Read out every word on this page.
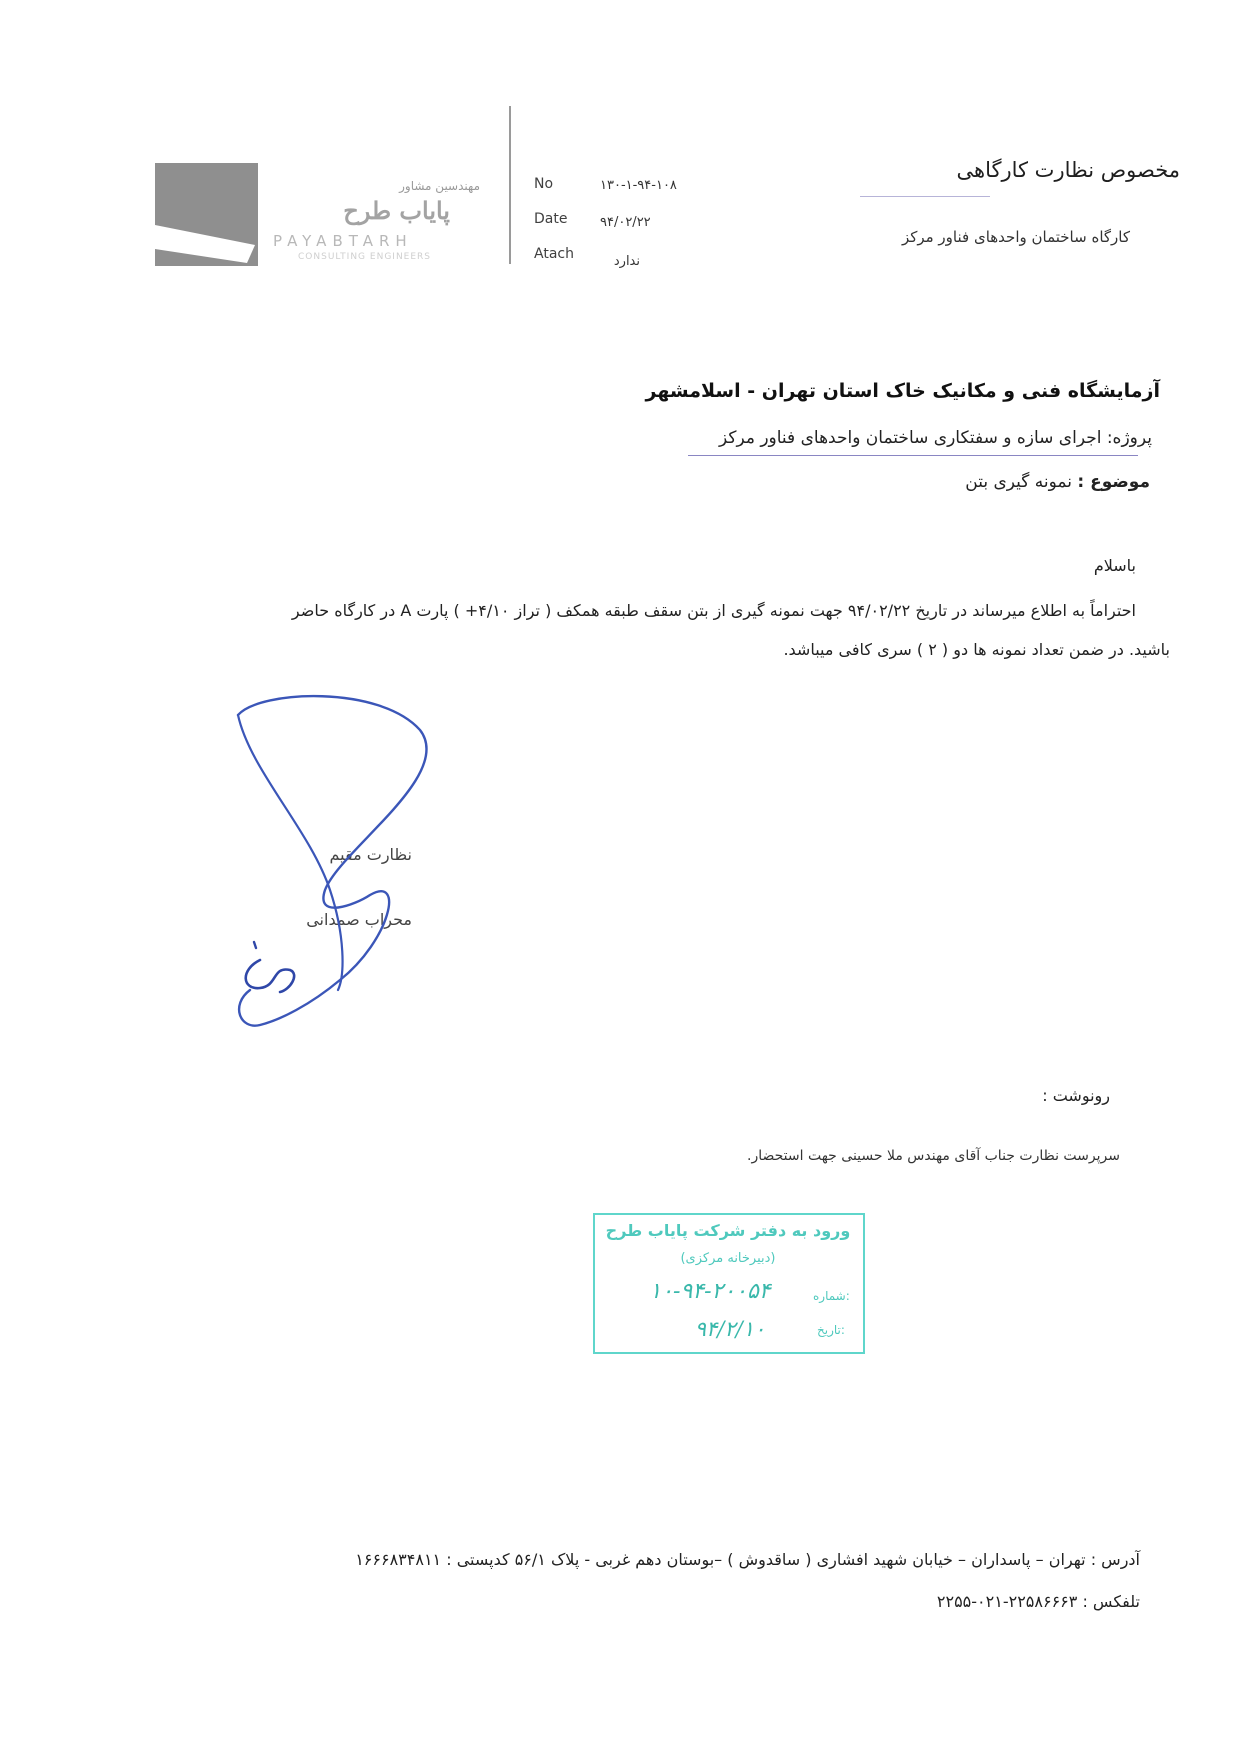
مهندسین مشاور
پایاب طرح
PAYABTARH
CONSULTING ENGINEERS
No	۱۳۰-۱-۹۴-۱۰۸
Date	۹۴/۰۲/۲۲
Atach	ندارد
مخصوص نظارت کارگاهی
کارگاه ساختمان واحدهای فناور مرکز
آزمایشگاه فنی و مکانیک خاک استان تهران - اسلامشهر
پروژه: اجرای سازه و سفتکاری ساختمان واحدهای فناور مرکز
موضوع : نمونه گیری بتن
باسلام
احتراماً به اطلاع میرساند در تاریخ ۹۴/۰۲/۲۲ جهت نمونه گیری از بتن سقف طبقه همکف ( تراز ۴/۱۰+ ) پارت A در کارگاه حاضر
باشید. در ضمن تعداد نمونه ها دو ( ۲ ) سری کافی میباشد.
نظارت مقیم
محراب صمدانی
رونوشت :
سرپرست نظارت جناب آقای مهندس ملا حسینی جهت استحضار.
ورود به دفتر شرکت پایاب طرح
(دبیرخانه مرکزی)
شماره:
۱۰-۹۴-۲۰۰۵۴
تاریخ:
۹۴/۲/۱۰
آدرس : تهران – پاسداران – خیابان شهید افشاری ( ساقدوش ) –بوستان دهم غربی - پلاک ۵۶/۱ کدپستی : ۱۶۶۶۸۳۴۸۱۱
تلفکس : ۲۲۵۸۶۶۶۳-۰۲۱-۲۲۵۵
